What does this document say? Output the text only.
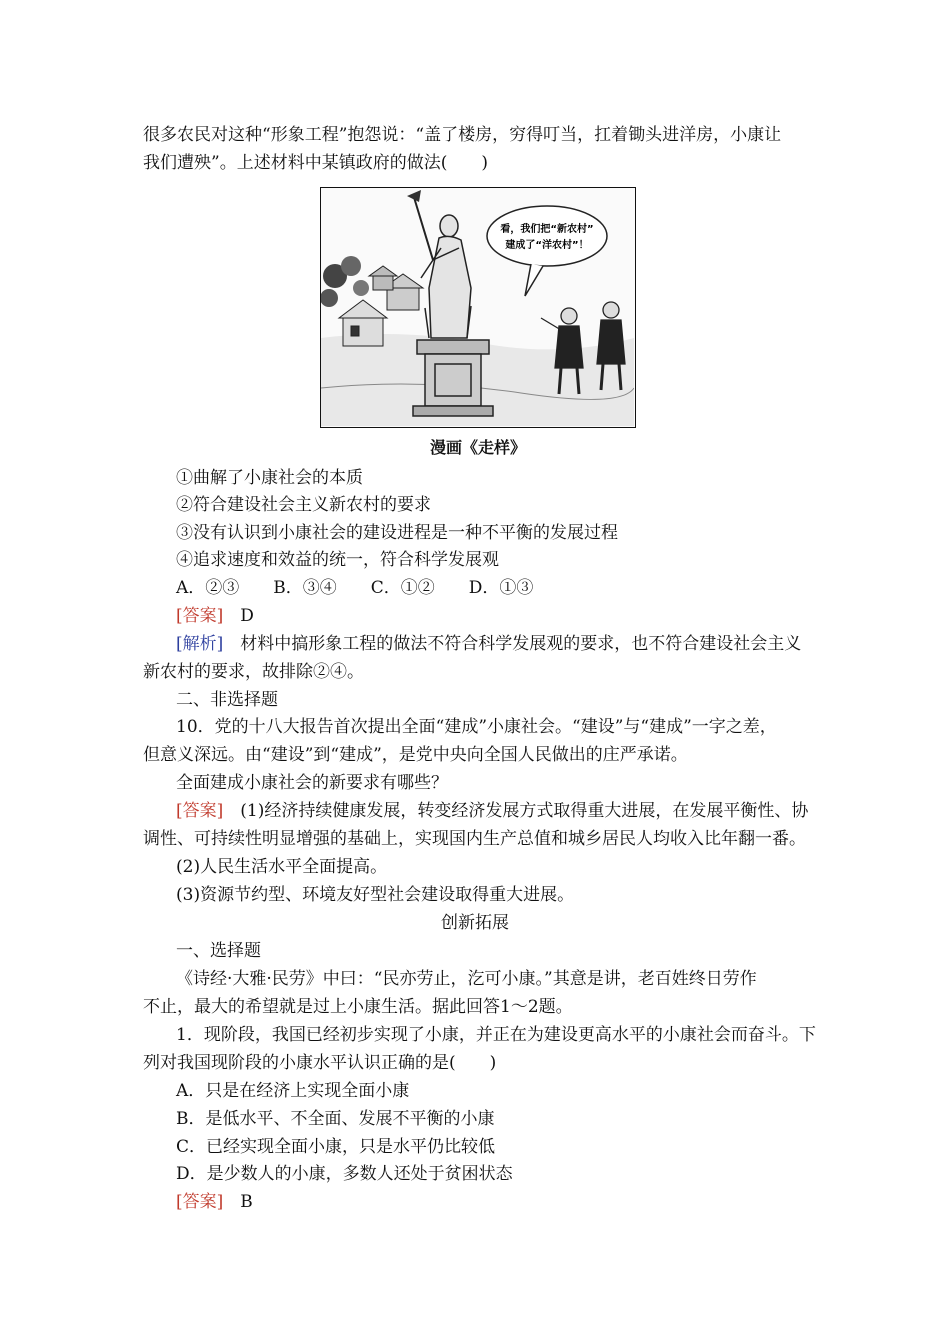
很多农民对这种“形象工程”抱怨说：“盖了楼房，穷得叮当，扛着锄头进洋房，小康让
我们遭殃”。上述材料中某镇政府的做法(　　)
看，我们把“新农村”
建成了“洋农村”！
漫画《走样》
①曲解了小康社会的本质
②符合建设社会主义新农村的要求
③没有认识到小康社会的建设进程是一种不平衡的发展过程
④追求速度和效益的统一，符合科学发展观
A．②③　　B．③④　　C．①②　　D．①③
[答案]　D
[解析]　材料中搞形象工程的做法不符合科学发展观的要求，也不符合建设社会主义
新农村的要求，故排除②④。
二、非选择题
10．党的十八大报告首次提出全面“建成”小康社会。“建设”与“建成”一字之差，
但意义深远。由“建设”到“建成”，是党中央向全国人民做出的庄严承诺。
全面建成小康社会的新要求有哪些？
[答案]　(1)经济持续健康发展，转变经济发展方式取得重大进展，在发展平衡性、协
调性、可持续性明显增强的基础上，实现国内生产总值和城乡居民人均收入比年翻一番。
(2)人民生活水平全面提高。
(3)资源节约型、环境友好型社会建设取得重大进展。
创新拓展
一、选择题
《诗经·大雅·民劳》中曰：“民亦劳止，汔可小康。”其意是讲，老百姓终日劳作
不止，最大的希望就是过上小康生活。据此回答1～2题。
1．现阶段，我国已经初步实现了小康，并正在为建设更高水平的小康社会而奋斗。下
列对我国现阶段的小康水平认识正确的是(　　)
A．只是在经济上实现全面小康
B．是低水平、不全面、发展不平衡的小康
C．已经实现全面小康，只是水平仍比较低
D．是少数人的小康，多数人还处于贫困状态
[答案]　B
